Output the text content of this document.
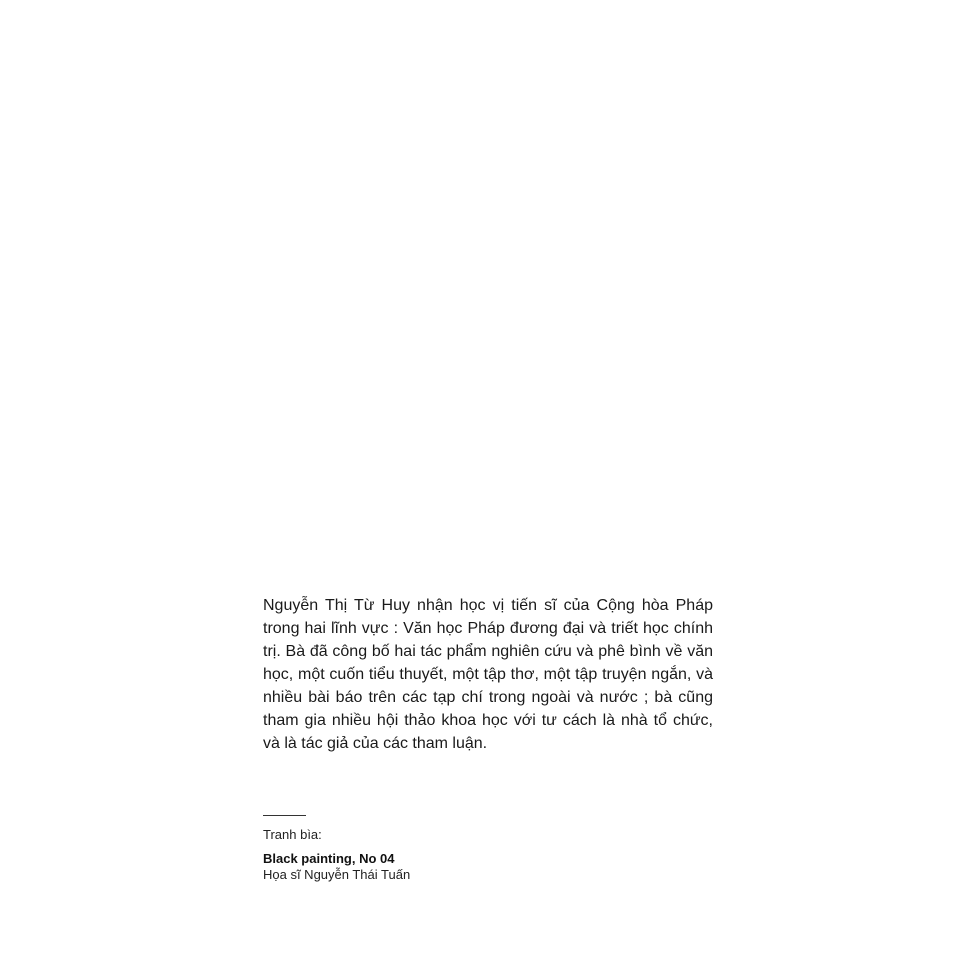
Nguyễn Thị Từ Huy nhận học vị tiến sĩ của Cộng hòa Pháp trong hai lĩnh vực : Văn học Pháp đương đại và triết học chính trị. Bà đã công bố hai tác phẩm nghiên cứu và phê bình về văn học, một cuốn tiểu thuyết, một tập thơ, một tập truyện ngắn, và nhiều bài báo trên các tạp chí trong ngoài và nước ; bà cũng tham gia nhiều hội thảo khoa học với tư cách là nhà tổ chức, và là tác giả của các tham luận.

Tranh bìa:

Black painting, No 04

Họa sĩ Nguyễn Thái Tuấn
